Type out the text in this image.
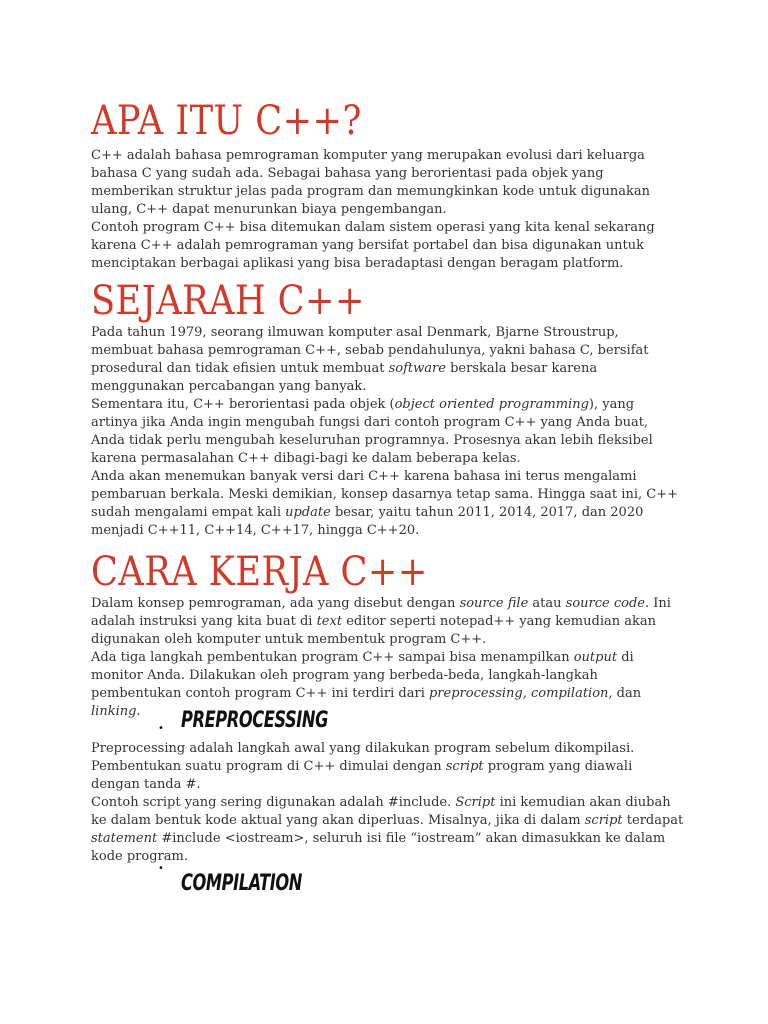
APA ITU C++?

C++ adalah bahasa pemrograman komputer yang merupakan evolusi dari keluarga bahasa C yang sudah ada. Sebagai bahasa yang berorientasi pada objek yang memberikan struktur jelas pada program dan memungkinkan kode untuk digunakan ulang, C++ dapat menurunkan biaya pengembangan.

Contoh program C++ bisa ditemukan dalam sistem operasi yang kita kenal sekarang karena C++ adalah pemrograman yang bersifat portabel dan bisa digunakan untuk menciptakan berbagai aplikasi yang bisa beradaptasi dengan beragam platform.

SEJARAH C++

Pada tahun 1979, seorang ilmuwan komputer asal Denmark, Bjarne Stroustrup, membuat bahasa pemrograman C++, sebab pendahulunya, yakni bahasa C, bersifat prosedural dan tidak efisien untuk membuat software berskala besar karena menggunakan percabangan yang banyak.

Sementara itu, C++ berorientasi pada objek (object oriented programming), yang artinya jika Anda ingin mengubah fungsi dari contoh program C++ yang Anda buat, Anda tidak perlu mengubah keseluruhan programnya. Prosesnya akan lebih fleksibel karena permasalahan C++ dibagi-bagi ke dalam beberapa kelas.

Anda akan menemukan banyak versi dari C++ karena bahasa ini terus mengalami pembaruan berkala. Meski demikian, konsep dasarnya tetap sama. Hingga saat ini, C++ sudah mengalami empat kali update besar, yaitu tahun 2011, 2014, 2017, dan 2020 menjadi C++11, C++14, C++17, hingga C++20.

CARA KERJA C++

Dalam konsep pemrograman, ada yang disebut dengan source file atau source code. Ini adalah instruksi yang kita buat di text editor seperti notepad++ yang kemudian akan digunakan oleh komputer untuk membentuk program C++.

Ada tiga langkah pembentukan program C++ sampai bisa menampilkan output di monitor Anda. Dilakukan oleh program yang berbeda-beda, langkah-langkah pembentukan contoh program C++ ini terdiri dari preprocessing, compilation, dan linking.

• PREPROCESSING

Preprocessing adalah langkah awal yang dilakukan program sebelum dikompilasi. Pembentukan suatu program di C++ dimulai dengan script program yang diawali dengan tanda #.

Contoh script yang sering digunakan adalah #include. Script ini kemudian akan diubah ke dalam bentuk kode aktual yang akan diperluas. Misalnya, jika di dalam script terdapat statement #include <iostream>, seluruh isi file “iostream” akan dimasukkan ke dalam kode program.

•
COMPILATION
